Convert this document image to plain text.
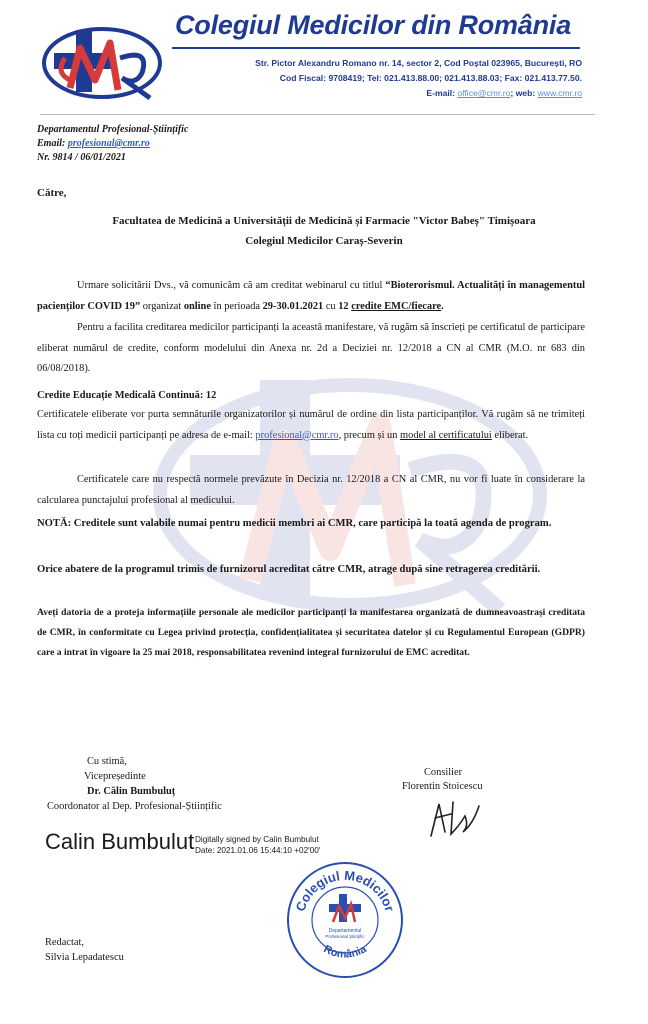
Colegiul Medicilor din România
Str. Pictor Alexandru Romano nr. 14, sector 2, Cod Poștal 023965, București, RO
Cod Fiscal: 9708419; Tel: 021.413.88.00; 021.413.88.03; Fax: 021.413.77.50.
E-mail: office@cmr.ro; web: www.cmr.ro
Departamentul Profesional-Științific
Email: profesional@cmr.ro
Nr. 9814 / 06/01/2021
Către,
Facultatea de Medicină a Universității de Medicină și Farmacie "Victor Babeș" Timișoara
Colegiul Medicilor Caraș-Severin
Urmare solicitării Dvs., vă comunicăm că am creditat webinarul cu titlul “Bioterorismul. Actualități în managementul pacienților COVID 19” organizat online în perioada 29-30.01.2021 cu 12 credite EMC/fiecare.
Pentru a facilita creditarea medicilor participanți la această manifestare, vă rugăm să înscrieți pe certificatul de participare eliberat numărul de credite, conform modelului din Anexa nr. 2d a Deciziei nr. 12/2018 a CN al CMR (M.O. nr 683 din 06/08/2018).
Credite Educație Medicală Continuă: 12
Certificatele eliberate vor purta semnăturile organizatorilor și numărul de ordine din lista participanților. Vă rugăm să ne trimiteți lista cu toți medicii participanți pe adresa de e-mail: profesional@cmr.ro, precum și un model al certificatului eliberat.
Certificatele care nu respectă normele prevăzute în Decizia nr. 12/2018 a CN al CMR, nu vor fi luate în considerare la calcularea punctajului profesional al medicului.
NOTĂ: Creditele sunt valabile numai pentru medicii membri ai CMR, care participă la toată agenda de program.
Orice abatere de la programul trimis de furnizorul acreditat către CMR, atrage după sine retragerea creditării.
Aveți datoria de a proteja informațiile personale ale medicilor participanți la manifestarea organizată de dumneavoastrași creditata de CMR, în conformitate cu Legea privind protecția, confidențialitatea și securitatea datelor și cu Regulamentul European (GDPR) care a intrat în vigoare la 25 mai 2018, responsabilitatea revenind integral furnizorului de EMC acreditat.
Cu stimă,
Vicepreședinte
Dr. Călin Bumbuluț
Coordonator al Dep. Profesional-Științific
Consilier
Florentin Stoicescu
Calin Bumbulut Digitally signed by Calin Bumbulut
Date: 2021.01.06 15:44:10 +02'00'
Colegiul Medicilor
România
Departamentul
Profesional Științific
Redactat,
Silvia Lepadatescu
